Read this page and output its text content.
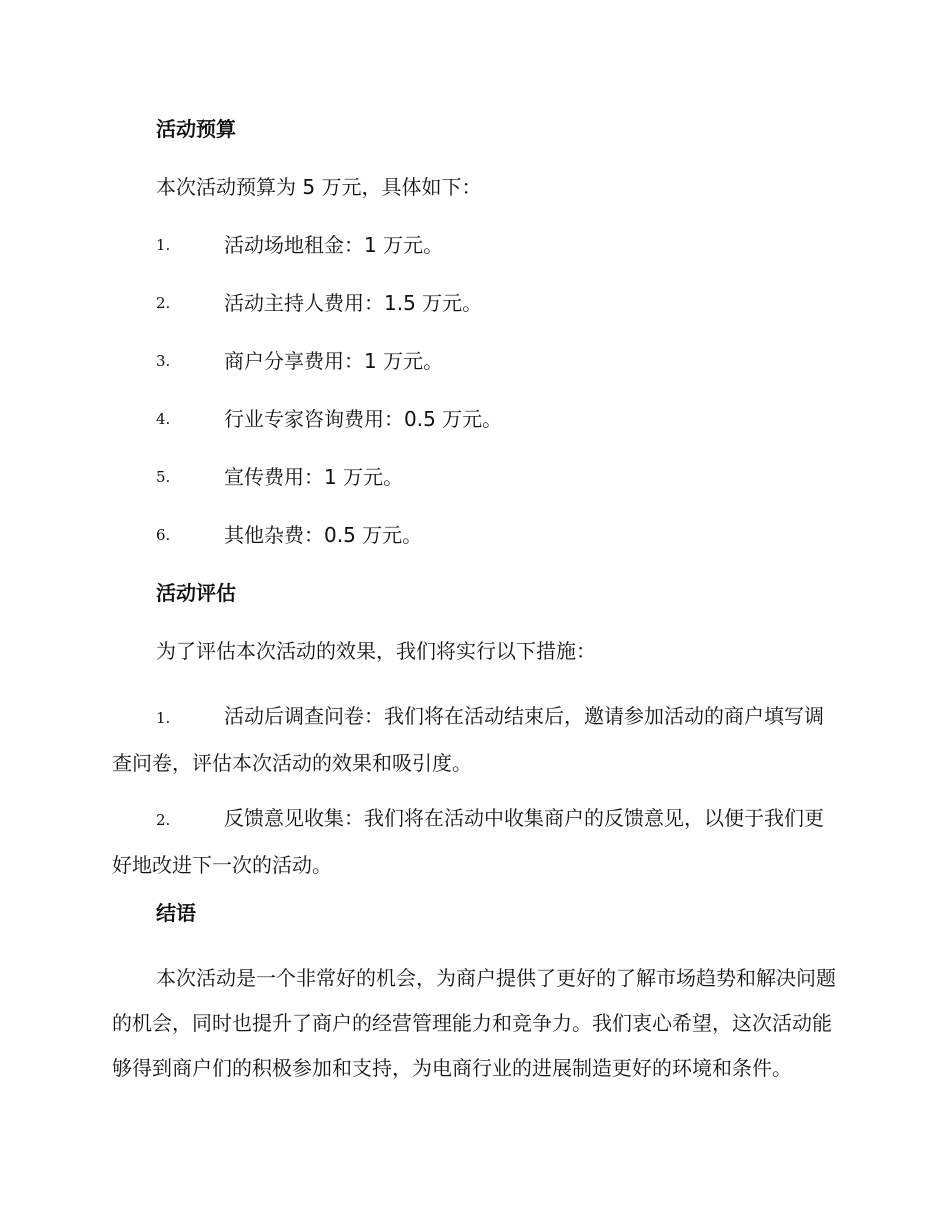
活动预算
本次活动预算为 5 万元，具体如下：
1.	活动场地租金：1 万元。
2.	活动主持人费用：1.5 万元。
3.	商户分享费用：1 万元。
4.	行业专家咨询费用：0.5 万元。
5.	宣传费用：1 万元。
6.	其他杂费：0.5 万元。
活动评估
为了评估本次活动的效果，我们将实行以下措施：
1.	活动后调查问卷：我们将在活动结束后，邀请参加活动的商户填写调查问卷，评估本次活动的效果和吸引度。
2.	反馈意见收集：我们将在活动中收集商户的反馈意见，以便于我们更好地改进下一次的活动。
结语
本次活动是一个非常好的机会，为商户提供了更好的了解市场趋势和解决问题的机会，同时也提升了商户的经营管理能力和竞争力。我们衷心希望，这次活动能够得到商户们的积极参加和支持，为电商行业的进展制造更好的环境和条件。
